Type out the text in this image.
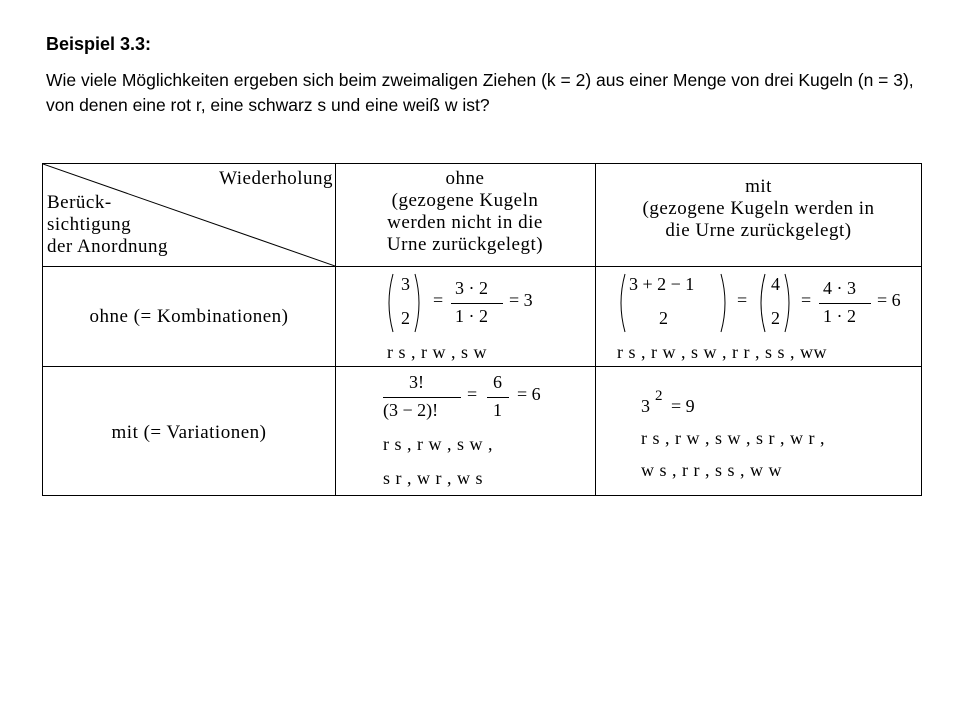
Beispiel 3.3:
Wie viele Möglichkeiten ergeben sich beim zweimaligen Ziehen (k = 2) aus einer Menge von drei Kugeln (n = 3), von denen eine rot r, eine schwarz s und eine weiß w ist?
Wiederholung
Berück-
sichtigung
der Anordnung
ohne
(gezogene Kugeln
werden nicht in die
Urne zurückgelegt)
mit
(gezogene Kugeln werden in
die Urne zurückgelegt)
ohne (= Kombinationen)
mit (= Variationen)
3
2
=
3 · 2
1 · 2
= 3
r s , r w , s w
3 + 2 − 1
2
=
4
2
=
4 · 3
1 · 2
= 6
r s , r w , s w , r r , s s , ww
3!
(3 − 2)!
=
6
1
= 6
r s , r w , s w ,
s r , w r , w s
3 2 = 9
r s , r w , s w , s r , w r ,
w s , r r , s s , w w
